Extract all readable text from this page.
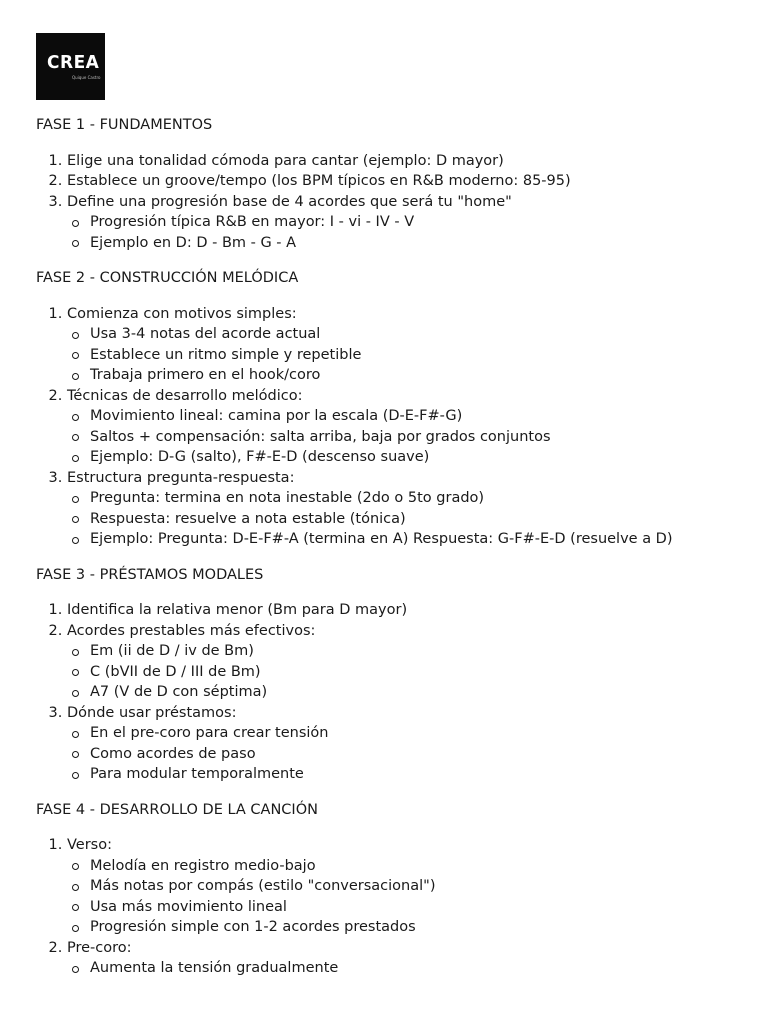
CREA
Quique Castro

FASE 1 - FUNDAMENTOS

1. Elige una tonalidad cómoda para cantar (ejemplo: D mayor)
2. Establece un groove/tempo (los BPM típicos en R&B moderno: 85-95)
3. Define una progresión base de 4 acordes que será tu "home"
Progresión típica R&B en mayor: I - vi - IV - V
Ejemplo en D: D - Bm - G - A

FASE 2 - CONSTRUCCIÓN MELÓDICA

1. Comienza con motivos simples:
Usa 3-4 notas del acorde actual
Establece un ritmo simple y repetible
Trabaja primero en el hook/coro
2. Técnicas de desarrollo melódico:
Movimiento lineal: camina por la escala (D-E-F#-G)
Saltos + compensación: salta arriba, baja por grados conjuntos
Ejemplo: D-G (salto), F#-E-D (descenso suave)
3. Estructura pregunta-respuesta:
Pregunta: termina en nota inestable (2do o 5to grado)
Respuesta: resuelve a nota estable (tónica)
Ejemplo: Pregunta: D-E-F#-A (termina en A) Respuesta: G-F#-E-D (resuelve a D)

FASE 3 - PRÉSTAMOS MODALES

1. Identifica la relativa menor (Bm para D mayor)
2. Acordes prestables más efectivos:
Em (ii de D / iv de Bm)
C (bVII de D / III de Bm)
A7 (V de D con séptima)
3. Dónde usar préstamos:
En el pre-coro para crear tensión
Como acordes de paso
Para modular temporalmente

FASE 4 - DESARROLLO DE LA CANCIÓN

1. Verso:
Melodía en registro medio-bajo
Más notas por compás (estilo "conversacional")
Usa más movimiento lineal
Progresión simple con 1-2 acordes prestados
2. Pre-coro:
Aumenta la tensión gradualmente
